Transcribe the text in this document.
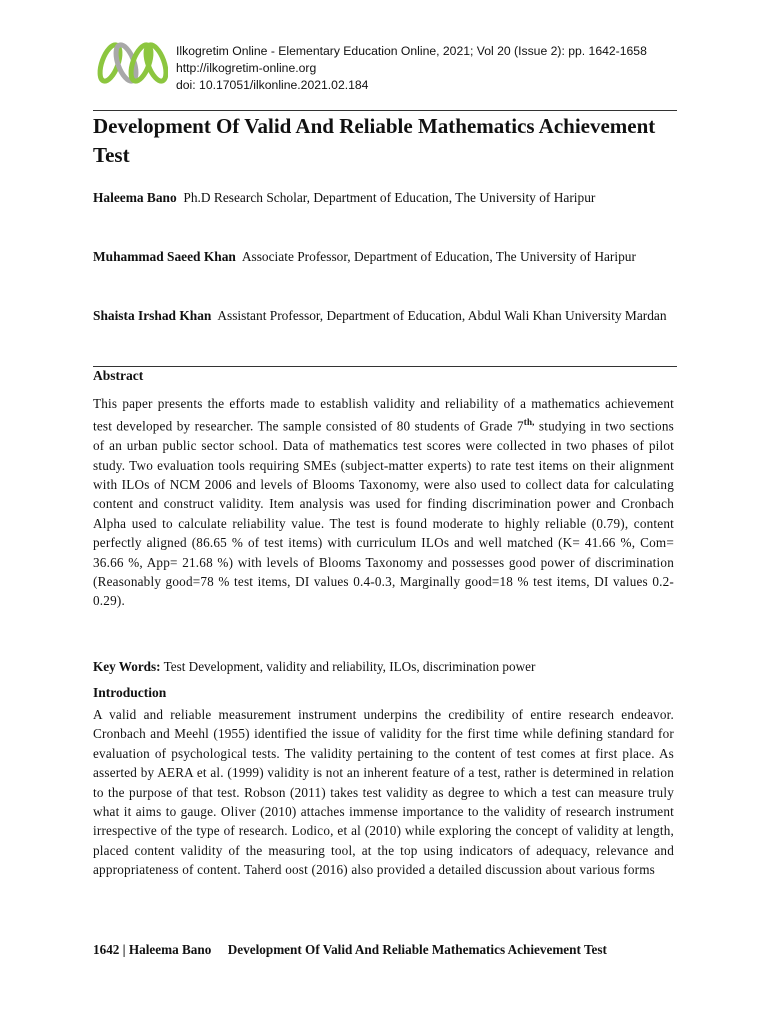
Ilkogretim Online - Elementary Education Online, 2021; Vol 20 (Issue 2): pp. 1642-1658
http://ilkogretim-online.org
doi: 10.17051/ilkonline.2021.02.184
Development Of Valid And Reliable Mathematics Achievement Test
Haleema Bano Ph.D Research Scholar, Department of Education, The University of Haripur
Muhammad Saeed Khan Associate Professor, Department of Education, The University of Haripur
Shaista Irshad Khan Assistant Professor, Department of Education, Abdul Wali Khan University Mardan
Abstract

This paper presents the efforts made to establish validity and reliability of a mathematics achievement test developed by researcher. The sample consisted of 80 students of Grade $7^{th,}$ studying in two sections of an urban public sector school. Data of mathematics test scores were collected in two phases of pilot study. Two evaluation tools requiring SMEs (subject-matter experts) to rate test items on their alignment with ILOs of NCM 2006 and levels of Blooms Taxonomy, were also used to collect data for calculating content and construct validity. Item analysis was used for finding discrimination power and Cronbach Alpha used to calculate reliability value. The test is found moderate to highly reliable (0.79), content perfectly aligned (86.65 % of test items) with curriculum ILOs and well matched (K= 41.66 %, Com= 36.66 %, App= 21.68 %) with levels of Blooms Taxonomy and possesses good power of discrimination (Reasonably good=78 % test items, DI values 0.4-0.3, Marginally good=18 % test items, DI values 0.2-0.29).

Key Words: Test Development, validity and reliability, ILOs, discrimination power
Introduction

A valid and reliable measurement instrument underpins the credibility of entire research endeavor. Cronbach and Meehl (1955) identified the issue of validity for the first time while defining standard for evaluation of psychological tests. The validity pertaining to the content of test comes at first place. As asserted by AERA et al. (1999) validity is not an inherent feature of a test, rather is determined in relation to the purpose of that test. Robson (2011) takes test validity as degree to which a test can measure truly what it aims to gauge. Oliver (2010) attaches immense importance to the validity of research instrument irrespective of the type of research. Lodico, et al (2010) while exploring the concept of validity at length, placed content validity of the measuring tool, at the top using indicators of adequacy, relevance and appropriateness of content. Taherd oost (2016) also provided a detailed discussion about various forms

1642 | Haleema Bano Development Of Valid And Reliable Mathematics Achievement Test
